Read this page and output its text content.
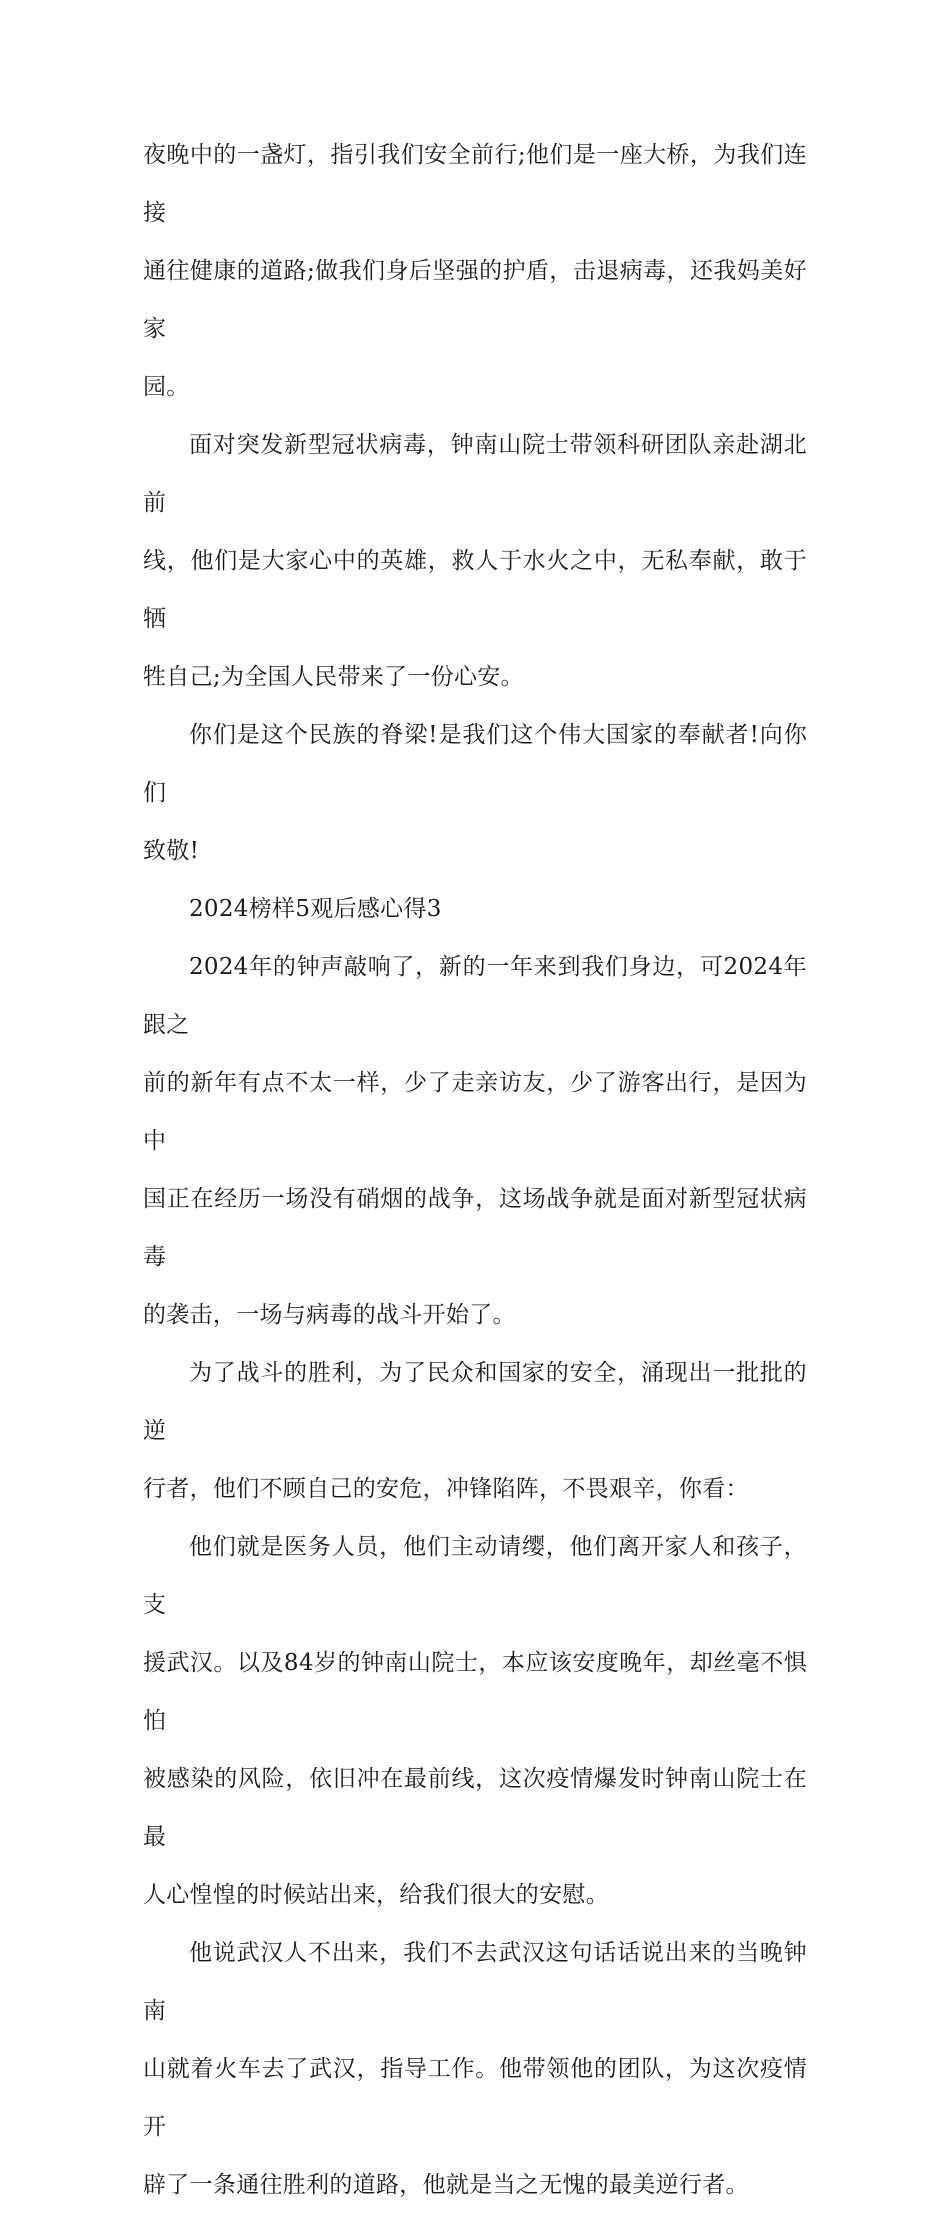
夜晚中的一盏灯，指引我们安全前行;他们是一座大桥，为我们连接
通往健康的道路;做我们身后坚强的护盾，击退病毒，还我妈美好家
园。
面对突发新型冠状病毒，钟南山院士带领科研团队亲赴湖北前
线，他们是大家心中的英雄，救人于水火之中，无私奉献，敢于牺
牲自己;为全国人民带来了一份心安。
你们是这个民族的脊梁!是我们这个伟大国家的奉献者!向你们
致敬!
2024榜样5观后感心得3
2024年的钟声敲响了，新的一年来到我们身边，可2024年跟之
前的新年有点不太一样，少了走亲访友，少了游客出行，是因为中
国正在经历一场没有硝烟的战争，这场战争就是面对新型冠状病毒
的袭击，一场与病毒的战斗开始了。
为了战斗的胜利，为了民众和国家的安全，涌现出一批批的逆
行者，他们不顾自己的安危，冲锋陷阵，不畏艰辛，你看：
他们就是医务人员，他们主动请缨，他们离开家人和孩子，支
援武汉。以及84岁的钟南山院士，本应该安度晚年，却丝毫不惧怕
被感染的风险，依旧冲在最前线，这次疫情爆发时钟南山院士在最
人心惶惶的时候站出来，给我们很大的安慰。
他说武汉人不出来，我们不去武汉这句话话说出来的当晚钟南
山就着火车去了武汉，指导工作。他带领他的团队，为这次疫情开
辟了一条通往胜利的道路，他就是当之无愧的最美逆行者。
